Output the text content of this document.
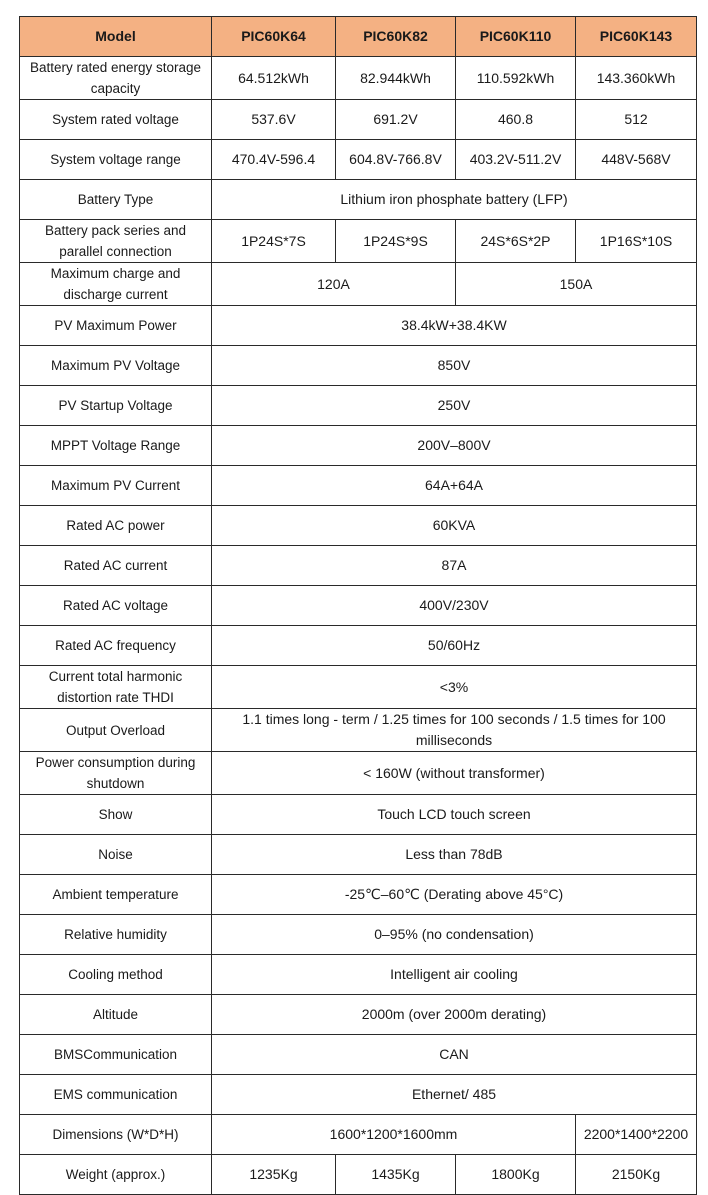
Model	PIC60K64	PIC60K82	PIC60K110	PIC60K143
Battery rated energy storage capacity	64.512kWh	82.944kWh	110.592kWh	143.360kWh
System rated voltage	537.6V	691.2V	460.8	512
System voltage range	470.4V-596.4	604.8V-766.8V	403.2V-511.2V	448V-568V
Battery Type	Lithium iron phosphate battery (LFP)			
Battery pack series and parallel connection	1P24S*7S	1P24S*9S	24S*6S*2P	1P16S*10S
Maximum charge and discharge current	120A		150A	
PV Maximum Power	38.4kW+38.4KW			
Maximum PV Voltage	850V			
PV Startup Voltage	250V			
MPPT Voltage Range	200V–800V			
Maximum PV Current	64A+64A			
Rated AC power	60KVA			
Rated AC current	87A			
Rated AC voltage	400V/230V			
Rated AC frequency	50/60Hz			
Current total harmonic distortion rate THDI	<3%			
Output Overload	1.1 times long - term / 1.25 times for 100 seconds / 1.5 times for 100 milliseconds			
Power consumption during shutdown	< 160W (without transformer)			
Show	Touch LCD touch screen			
Noise	Less than 78dB			
Ambient temperature	-25℃–60℃ (Derating above 45°C)			
Relative humidity	0–95% (no condensation)			
Cooling method	Intelligent air cooling			
Altitude	2000m (over 2000m derating)			
BMSCommunication	CAN			
EMS communication	Ethernet/ 485			
Dimensions (W*D*H)	1600*1200*1600mm			2200*1400*2200
Weight (approx.)	1235Kg	1435Kg	1800Kg	2150Kg
